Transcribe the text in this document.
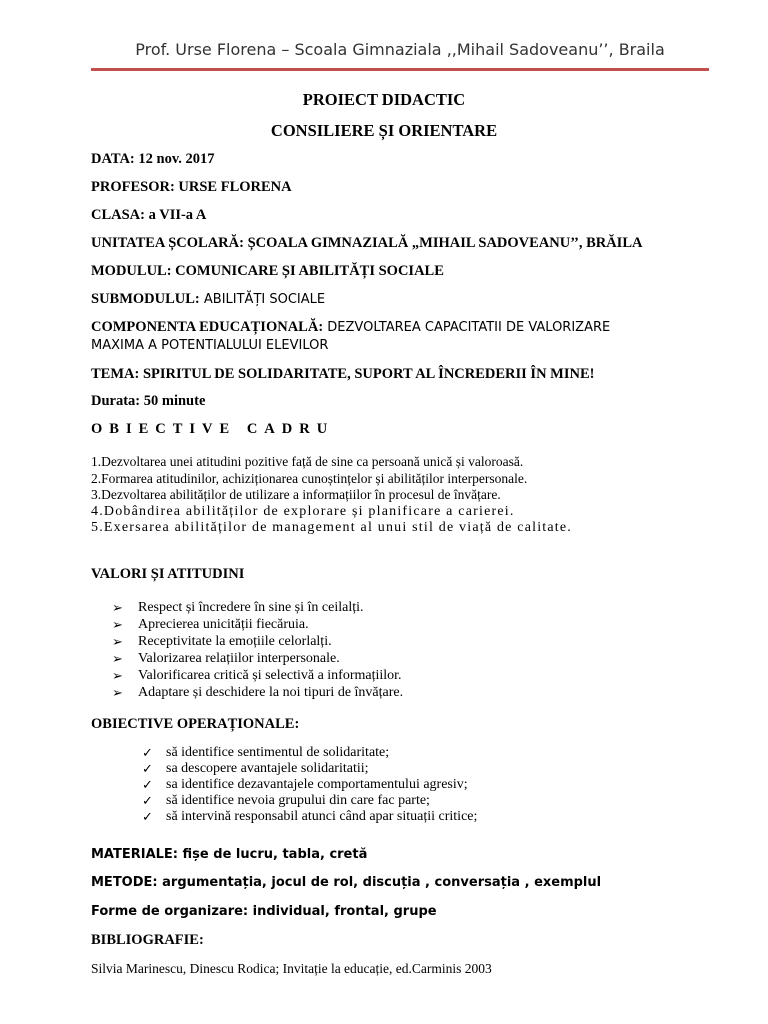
Prof. Urse Florena – Scoala Gimnaziala ,,Mihail Sadoveanu’’, Braila
PROIECT DIDACTIC
CONSILIERE ȘI ORIENTARE
DATA: 12 nov. 2017
PROFESOR: URSE FLORENA
CLASA: a VII-a A
UNITATEA ȘCOLARĂ: ȘCOALA GIMNAZIALĂ „MIHAIL SADOVEANU’’, BRĂILA
MODULUL: COMUNICARE ȘI ABILITĂȚI SOCIALE
SUBMODULUL: ABILITĂȚI SOCIALE
COMPONENTA EDUCAȚIONALĂ: DEZVOLTAREA CAPACITATII DE VALORIZARE
MAXIMA A POTENTIALULUI ELEVILOR
TEMA: SPIRITUL DE SOLIDARITATE, SUPORT AL ÎNCREDERII ÎN MINE!
Durata: 50 minute
OBIECTIVE CADRU
1.Dezvoltarea unei atitudini pozitive față de sine ca persoană unică și valoroasă.
2.Formarea atitudinilor, achiziționarea cunoștințelor și abilităților interpersonale.
3.Dezvoltarea abilităților de utilizare a informațiilor în procesul de învățare.
4.Dobândirea abilităților de explorare și planificare a carierei.
5.Exersarea abilităților de management al unui stil de viață de calitate.
VALORI ȘI ATITUDINI
➢	Respect și încredere în sine și în ceilalți.
➢	Aprecierea unicității fiecăruia.
➢	Receptivitate la emoțiile celorlalți.
➢	Valorizarea relațiilor interpersonale.
➢	Valorificarea critică și selectivă a informațiilor.
➢	Adaptare și deschidere la noi tipuri de învățare.
OBIECTIVE OPERAȚIONALE:
✓ să identifice sentimentul de solidaritate;
✓ sa descopere avantajele solidaritatii;
✓ sa identifice dezavantajele comportamentului agresiv;
✓ să identifice nevoia grupului din care fac parte;
✓ să intervină responsabil atunci când apar situații critice;
MATERIALE: fișe de lucru, tabla, cretă
METODE: argumentația, jocul de rol, discuția , conversația , exemplul
Forme de organizare: individual, frontal, grupe
BIBLIOGRAFIE:
Silvia Marinescu, Dinescu Rodica; Invitație la educație, ed.Carminis 2003
